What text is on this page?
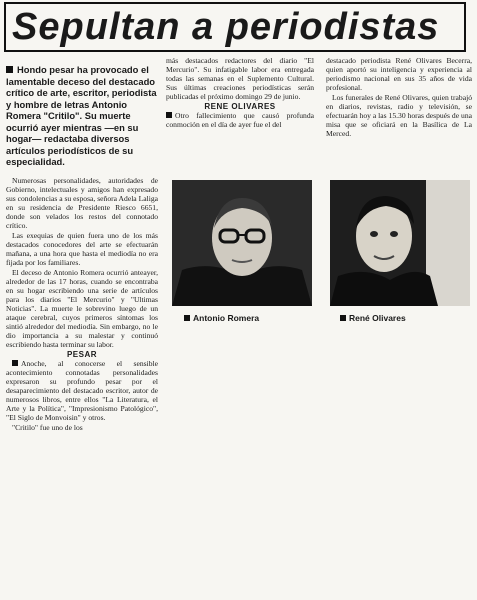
Sepultan a periodistas

Hondo pesar ha provocado el lamentable deceso del destacado crítico de arte, escritor, periodista y hombre de letras Antonio Romera "Critilo". Su muerte ocurrió ayer mientras —en su hogar— redactaba diversos artículos periodísticos de su especialidad.

Numerosas personalidades, autoridades de Gobierno, intelectuales y amigos han expresado sus condolencias a su esposa, señora Adela Laliga en su residencia de Presidente Riesco 6651, donde son velados los restos del connotado crítico.

Las exequias de quien fuera uno de los más destacados conocedores del arte se efectuarán mañana, a una hora que hasta el mediodía no era fijada por los familiares.

El deceso de Antonio Romera ocurrió anteayer, alrededor de las 17 horas, cuando se encontraba en su hogar escribiendo una serie de artículos para los diarios "El Mercurio" y "Ultimas Noticias". La muerte le sobrevino luego de un ataque cerebral, cuyos primeros síntomas los sintió alrededor del mediodía. Sin embargo, no le dio importancia a su malestar y continuó escribiendo hasta terminar su labor.

PESAR

Anoche, al conocerse el sensible acontecimiento connotadas personalidades expresaron su profundo pesar por el desaparecimiento del destacado escritor, autor de numerosos libros, entre ellos "La Literatura, el Arte y la Política", "Impresionismo Patológico", "El Siglo de Monvoisin" y otros.

"Critilo" fue uno de los

más destacados redactores del diario "El Mercurio". Su infatigable labor era entregada todas las semanas en el Suplemento Cultural. Sus últimas creaciones periodísticas serán publicadas el próximo domingo 29 de junio.

RENE OLIVARES

Otro fallecimiento que causó profunda conmoción en el día de ayer fue el del

destacado periodista René Olivares Becerra, quien aportó su inteligencia y experiencia al periodismo nacional en sus 35 años de vida profesional.

Los funerales de René Olivares, quien trabajó en diarios, revistas, radio y televisión, se efectuarán hoy a las 15.30 horas después de una misa que se oficiará en la Basílica de La Merced.

Antonio Romera	René Olivares
